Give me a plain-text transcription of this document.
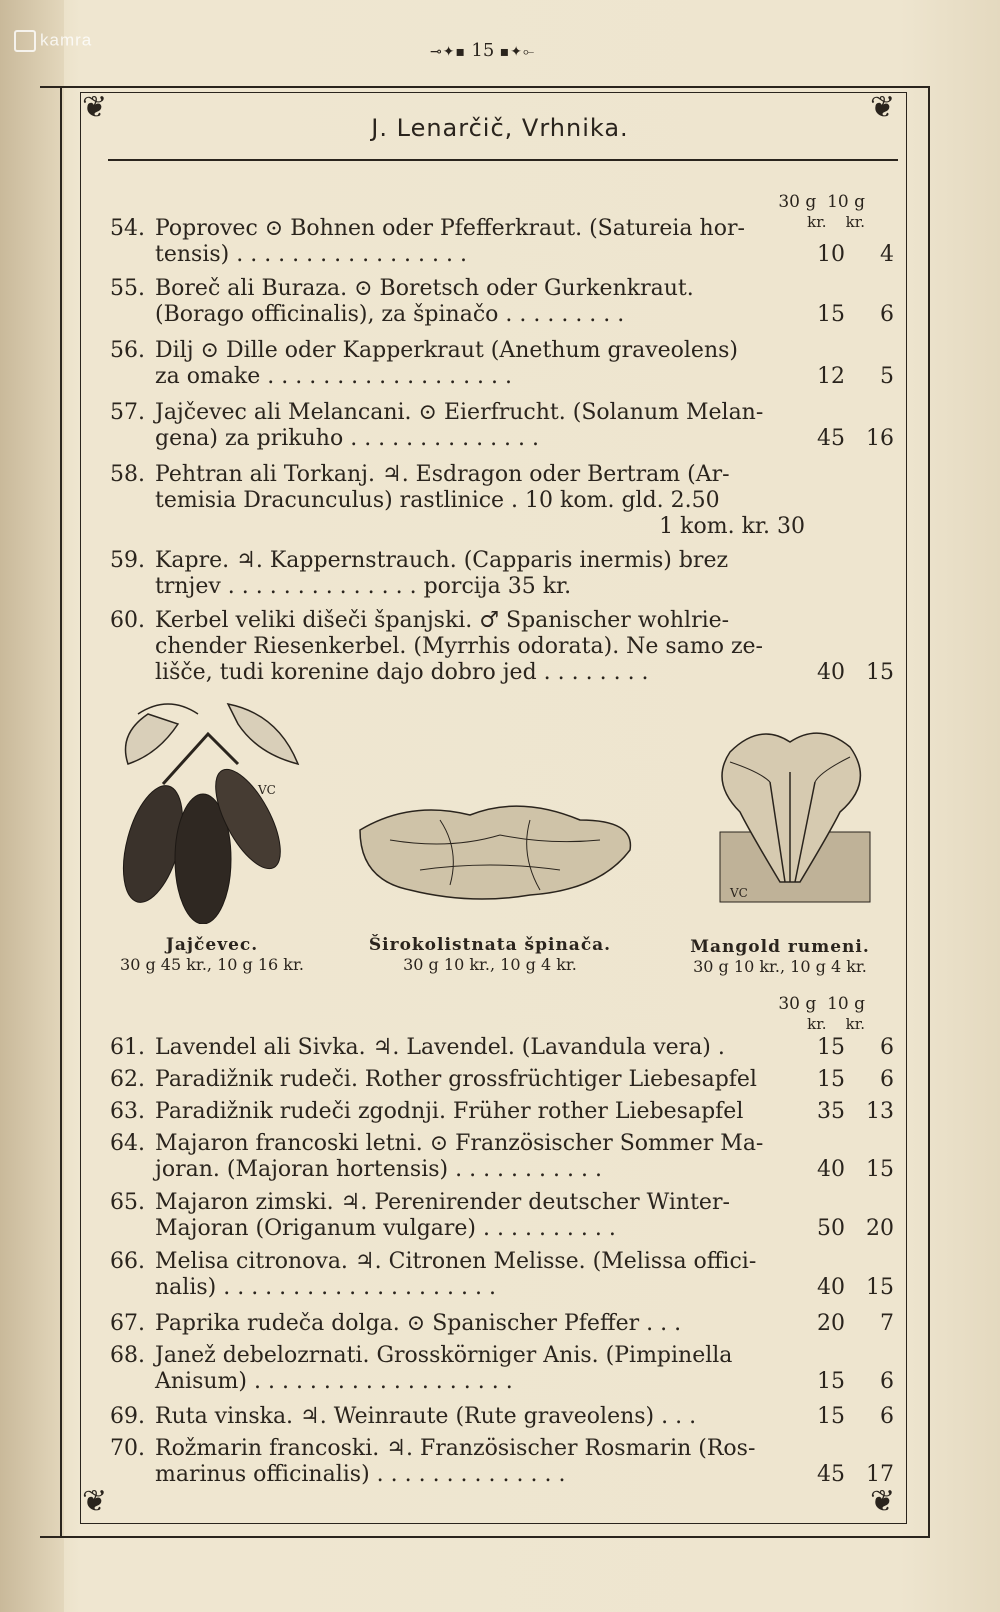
kamra
⊸✦▪ 15 ▪✦⟜
❦	❦
❦	❦
J. Lenarčič, Vrhnika.
30 g 10 g
kr. kr.
54. Poprovec ⊙ Bohnen oder Pfefferkraut. (Satureia hor-
tensis) . . . . . . . . . . . . . . . . .	10	4
55. Boreč ali Buraza. ⊙ Boretsch oder Gurkenkraut.
(Borago officinalis), za špinačo . . . . . . . . .	15	6
56. Dilj ⊙ Dille oder Kapperkraut (Anethum graveolens)
za omake . . . . . . . . . . . . . . . . . .	12	5
57. Jajčevec ali Melancani. ⊙ Eierfrucht. (Solanum Melan-
gena) za prikuho . . . . . . . . . . . . . .	45 16
58. Pehtran ali Torkanj. ♃. Esdragon oder Bertram (Ar-
temisia Dracunculus) rastlinice . 10 kom. gld. 2.50
1 kom. kr. 30
59. Kapre. ♃. Kappernstrauch. (Capparis inermis) brez
trnjev . . . . . . . . . . . . . . porcija 35 kr.
60. Kerbel veliki dišeči španjski. ♂ Spanischer wohlrie-
chender Riesenkerbel. (Myrrhis odorata). Ne samo ze-
lišče, tudi korenine dajo dobro jed . . . . . . . .	40 15
VC
VC
Jajčevec.
30 g 45 kr., 10 g 16 kr.
Širokolistnata špinača.
30 g 10 kr., 10 g 4 kr.
Mangold rumeni.
30 g 10 kr., 10 g 4 kr.
30 g 10 g
kr. kr.
61. Lavendel ali Sivka. ♃. Lavendel. (Lavandula vera) .	15	6
62. Paradižnik rudeči. Rother grossfrüchtiger Liebesapfel	15	6
63. Paradižnik rudeči zgodnji. Früher rother Liebesapfel	35 13
64. Majaron francoski letni. ⊙ Französischer Sommer Ma-
joran. (Majoran hortensis) . . . . . . . . . . .	40 15
65. Majaron zimski. ♃. Perenirender deutscher Winter-
Majoran (Origanum vulgare) . . . . . . . . . .	50 20
66. Melisa citronova. ♃. Citronen Melisse. (Melissa offici-
nalis) . . . . . . . . . . . . . . . . . . . .	40 15
67. Paprika rudeča dolga. ⊙ Spanischer Pfeffer . . .	20	7
68. Janež debelozrnati. Grosskörniger Anis. (Pimpinella
Anisum) . . . . . . . . . . . . . . . . . . .	15	6
69. Ruta vinska. ♃. Weinraute (Rute graveolens) . . .	15	6
70. Rožmarin francoski. ♃. Französischer Rosmarin (Ros-
marinus officinalis) . . . . . . . . . . . . . .	45 17
